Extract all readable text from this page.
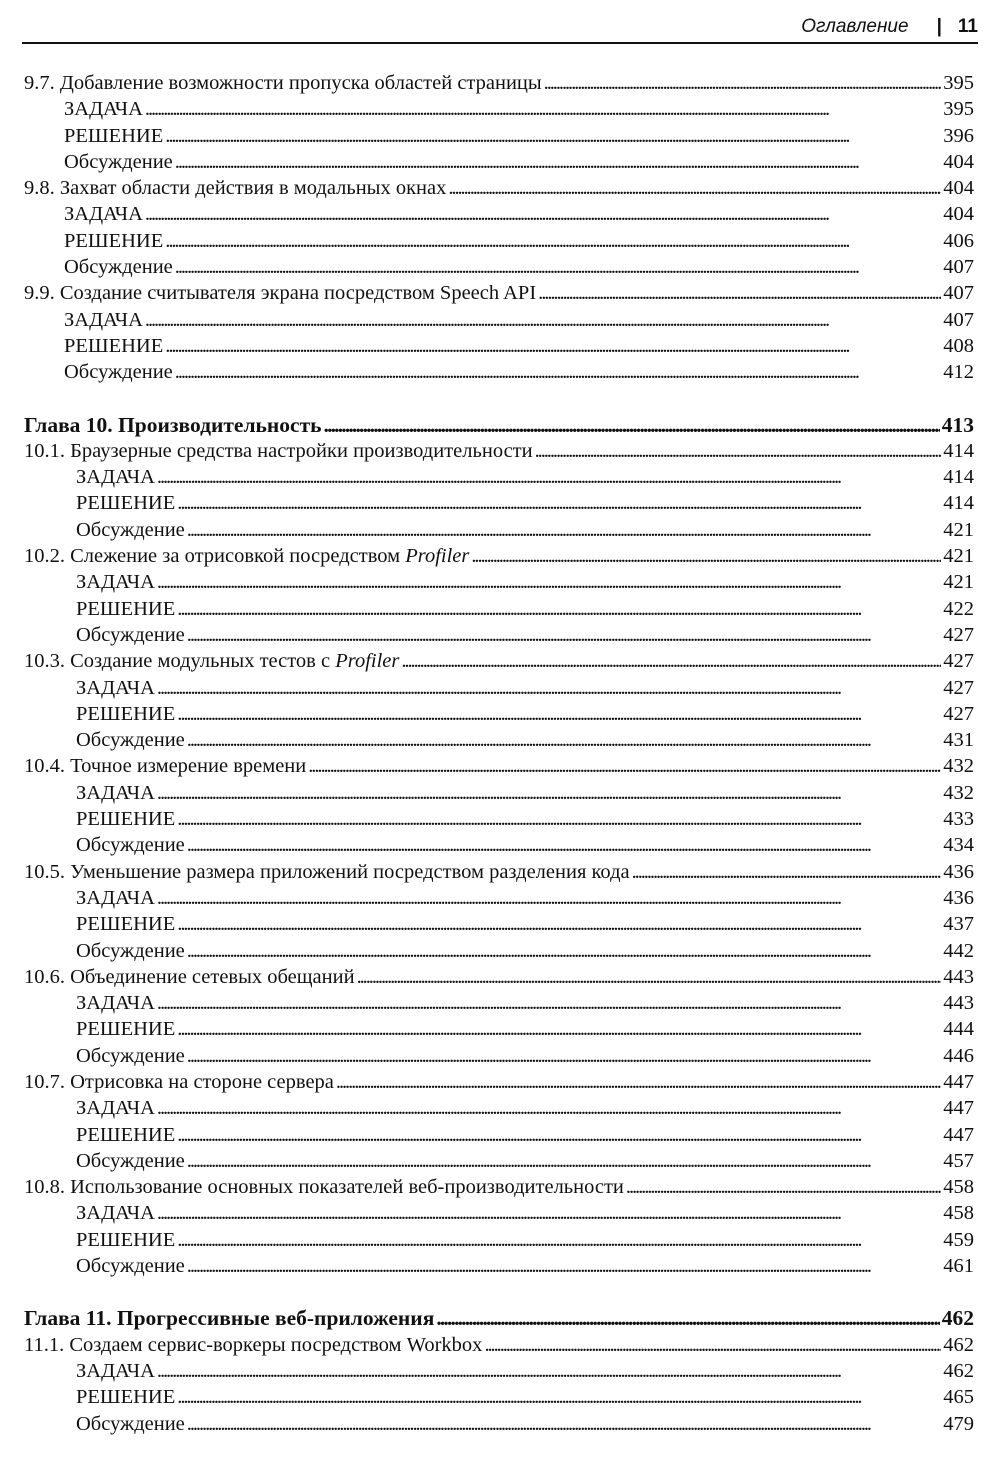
Оглавление | 11
9.7. Добавление возможности пропуска областей страницы . . .	395
ЗАДАЧА . . .	395
РЕШЕНИЕ . . .	396
Обсуждение . . .	404
9.8. Захват области действия в модальных окнах . . .	404
ЗАДАЧА . . .	404
РЕШЕНИЕ . . .	406
Обсуждение . . .	407
9.9. Создание считывателя экрана посредством Speech API . . .	407
ЗАДАЧА . . .	407
РЕШЕНИЕ . . .	408
Обсуждение . . .	412
Глава 10. Производительность . . .	413
10.1. Браузерные средства настройки производительности . . .	414
ЗАДАЧА . . .	414
РЕШЕНИЕ . . .	414
Обсуждение . . .	421
10.2. Слежение за отрисовкой посредством Profiler . . .	421
ЗАДАЧА . . .	421
РЕШЕНИЕ . . .	422
Обсуждение . . .	427
10.3. Создание модульных тестов с Profiler . . .	427
ЗАДАЧА . . .	427
РЕШЕНИЕ . . .	427
Обсуждение . . .	431
10.4. Точное измерение времени . . .	432
ЗАДАЧА . . .	432
РЕШЕНИЕ . . .	433
Обсуждение . . .	434
10.5. Уменьшение размера приложений посредством разделения кода . . .	436
ЗАДАЧА . . .	436
РЕШЕНИЕ . . .	437
Обсуждение . . .	442
10.6. Объединение сетевых обещаний . . .	443
ЗАДАЧА . . .	443
РЕШЕНИЕ . . .	444
Обсуждение . . .	446
10.7. Отрисовка на стороне сервера . . .	447
ЗАДАЧА . . .	447
РЕШЕНИЕ . . .	447
Обсуждение . . .	457
10.8. Использование основных показателей веб-производительности . . .	458
ЗАДАЧА . . .	458
РЕШЕНИЕ . . .	459
Обсуждение . . .	461
Глава 11. Прогрессивные веб-приложения . . .	462
11.1. Создаем сервис-воркеры посредством Workbox . . .	462
ЗАДАЧА . . .	462
РЕШЕНИЕ . . .	465
Обсуждение . . .	479
